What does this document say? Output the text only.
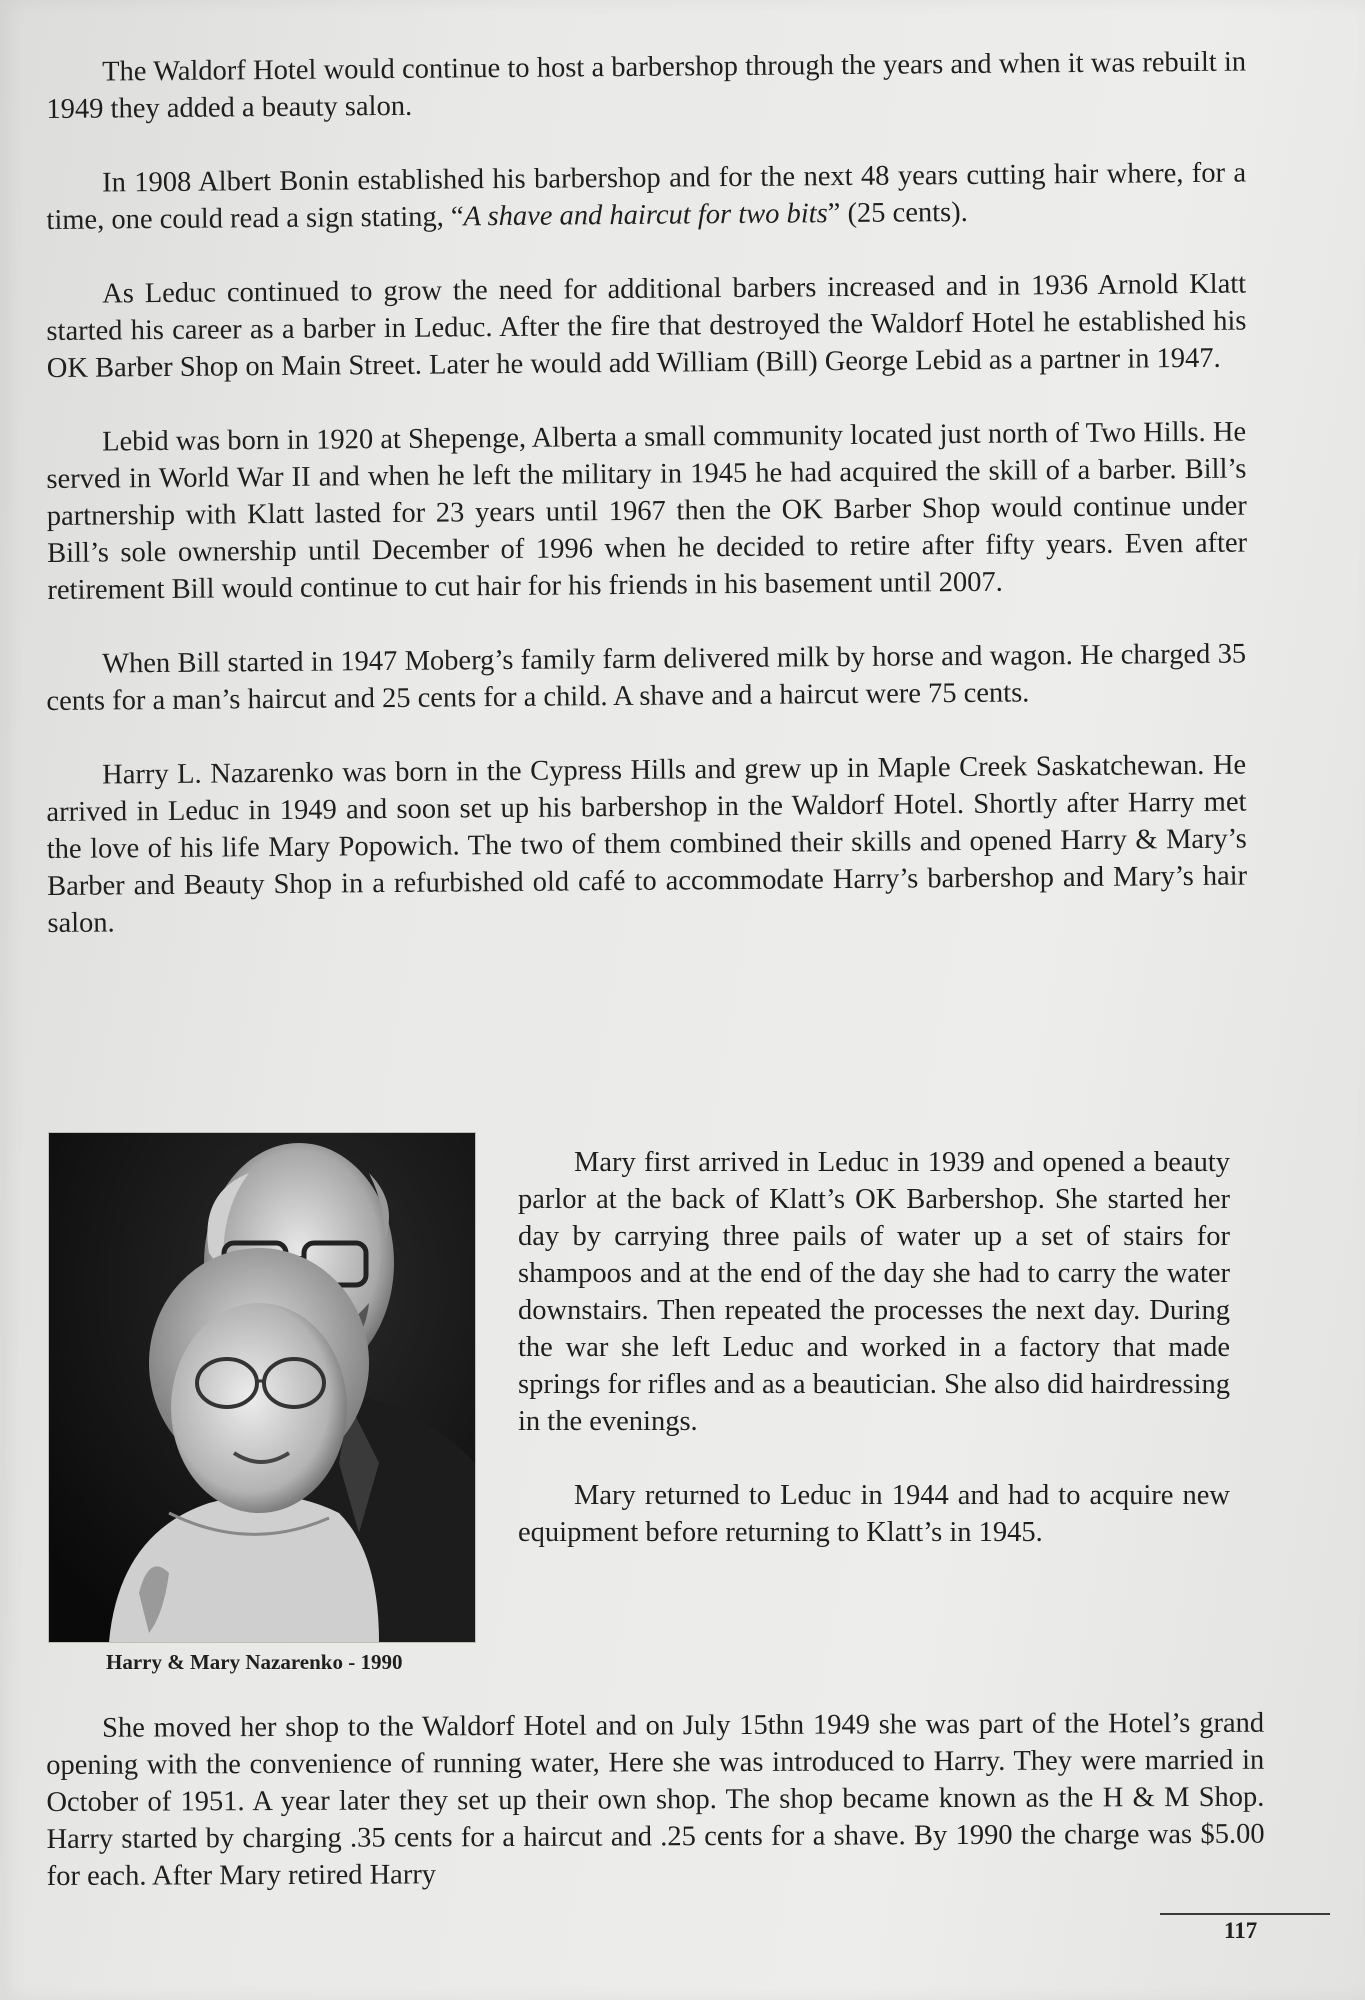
The Waldorf Hotel would continue to host a barbershop through the years and when it was rebuilt in 1949 they added a beauty salon.

In 1908 Albert Bonin established his barbershop and for the next 48 years cutting hair where, for a time, one could read a sign stating, “A shave and haircut for two bits” (25 cents).

As Leduc continued to grow the need for additional barbers increased and in 1936 Arnold Klatt started his career as a barber in Leduc. After the fire that destroyed the Waldorf Hotel he established his OK Barber Shop on Main Street. Later he would add William (Bill) George Lebid as a partner in 1947.

Lebid was born in 1920 at Shepenge, Alberta a small community located just north of Two Hills. He served in World War II and when he left the military in 1945 he had acquired the skill of a barber. Bill’s partnership with Klatt lasted for 23 years until 1967 then the OK Barber Shop would continue under Bill’s sole ownership until December of 1996 when he decided to retire after fifty years. Even after retirement Bill would continue to cut hair for his friends in his basement until 2007.

When Bill started in 1947 Moberg’s family farm delivered milk by horse and wagon. He charged 35 cents for a man’s haircut and 25 cents for a child. A shave and a haircut were 75 cents.

Harry L. Nazarenko was born in the Cypress Hills and grew up in Maple Creek Saskatchewan. He arrived in Leduc in 1949 and soon set up his barbershop in the Waldorf Hotel. Shortly after Harry met the love of his life Mary Popowich. The two of them combined their skills and opened Harry & Mary’s Barber and Beauty Shop in a refurbished old café to accommodate Harry’s barbershop and Mary’s hair salon.

Harry & Mary Nazarenko - 1990

Mary first arrived in Leduc in 1939 and opened a beauty parlor at the back of Klatt’s OK Barbershop. She started her day by carrying three pails of water up a set of stairs for shampoos and at the end of the day she had to carry the water downstairs. Then repeated the processes the next day. During the war she left Leduc and worked in a factory that made springs for rifles and as a beautician. She also did hairdressing in the evenings.

Mary returned to Leduc in 1944 and had to acquire new equipment before returning to Klatt’s in 1945.

She moved her shop to the Waldorf Hotel and on July 15thn 1949 she was part of the Hotel’s grand opening with the convenience of running water, Here she was introduced to Harry. They were married in October of 1951. A year later they set up their own shop. The shop became known as the H & M Shop. Harry started by charging .35 cents for a haircut and .25 cents for a shave. By 1990 the charge was $5.00 for each. After Mary retired Harry

117
